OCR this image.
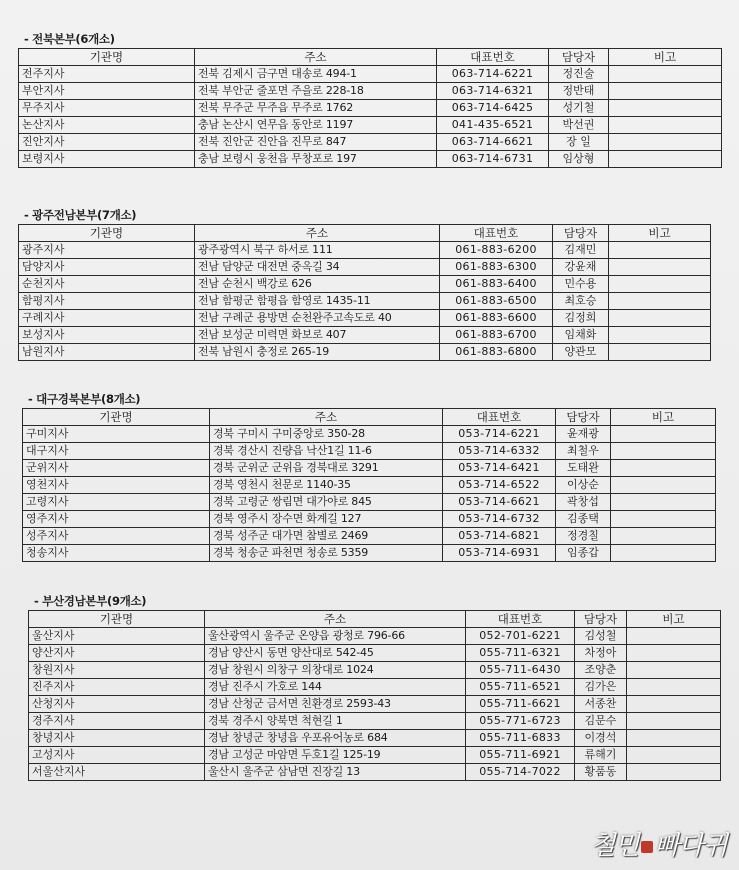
- 전북본부(6개소)
기관명	주소	대표번호	담당자	비고
전주지사	전북 김제시 금구면 대송로 494-1	063-714-6221	정진술	
부안지사	전북 부안군 줄포면 주을로 228-18	063-714-6321	정반태	
무주지사	전북 무주군 무주읍 무주로 1762	063-714-6425	성기철	
논산지사	충남 논산시 연무읍 동안로 1197	041-435-6521	박선권	
진안지사	전북 진안군 진안읍 진무로 847	063-714-6621	장 일	
보령지사	충남 보령시 웅천읍 무창포로 197	063-714-6731	임상형	
- 광주전남본부(7개소)
기관명	주소	대표번호	담당자	비고
광주지사	광주광역시 북구 하서로 111	061-883-6200	김재민	
담양지사	전남 담양군 대전면 중옥길 34	061-883-6300	강윤채	
순천지사	전남 순천시 백강로 626	061-883-6400	민수용	
함평지사	전남 함평군 함평읍 함영로 1435-11	061-883-6500	최호승	
구례지사	전남 구례군 용방면 순천완주고속도로 40	061-883-6600	김정희	
보성지사	전남 보성군 미력면 화보로 407	061-883-6700	임채화	
남원지사	전북 남원시 충정로 265-19	061-883-6800	양관모	
- 대구경북본부(8개소)
기관명	주소	대표번호	담당자	비고
구미지사	경북 구미시 구미중앙로 350-28	053-714-6221	윤재광	
대구지사	경북 경산시 진량읍 낙산1길 11-6	053-714-6332	최철우	
군위지사	경북 군위군 군위읍 경북대로 3291	053-714-6421	도태완	
영천지사	경북 영천시 천문로 1140-35	053-714-6522	이상순	
고령지사	경북 고령군 쌍림면 대가야로 845	053-714-6621	곽창섭	
영주지사	경북 영주시 장수면 화계길 127	053-714-6732	김종택	
성주지사	경북 성주군 대가면 참별로 2469	053-714-6821	정경칠	
청송지사	경북 청송군 파천면 청송로 5359	053-714-6931	임종갑	
- 부산경남본부(9개소)
기관명	주소	대표번호	담당자	비고
울산지사	울산광역시 울주군 온양읍 광청로 796-66	052-701-6221	김성철	
양산지사	경남 양산시 동면 양산대로 542-45	055-711-6321	차정아	
창원지사	경남 창원시 의창구 의창대로 1024	055-711-6430	조양춘	
진주지사	경남 진주시 가호로 144	055-711-6521	김가은	
산청지사	경남 산청군 금서면 친환경로 2593-43	055-711-6621	서종찬	
경주지사	경북 경주시 양북면 척현길 1	055-771-6723	김문수	
창녕지사	경남 창녕군 창녕읍 우포유어농로 684	055-711-6833	이경석	
고성지사	경남 고성군 마암면 두호1길 125-19	055-711-6921	류해기	
서울산지사	울산시 울주군 삼남면 진장길 13	055-714-7022	황품동	
철민 빠다귀
